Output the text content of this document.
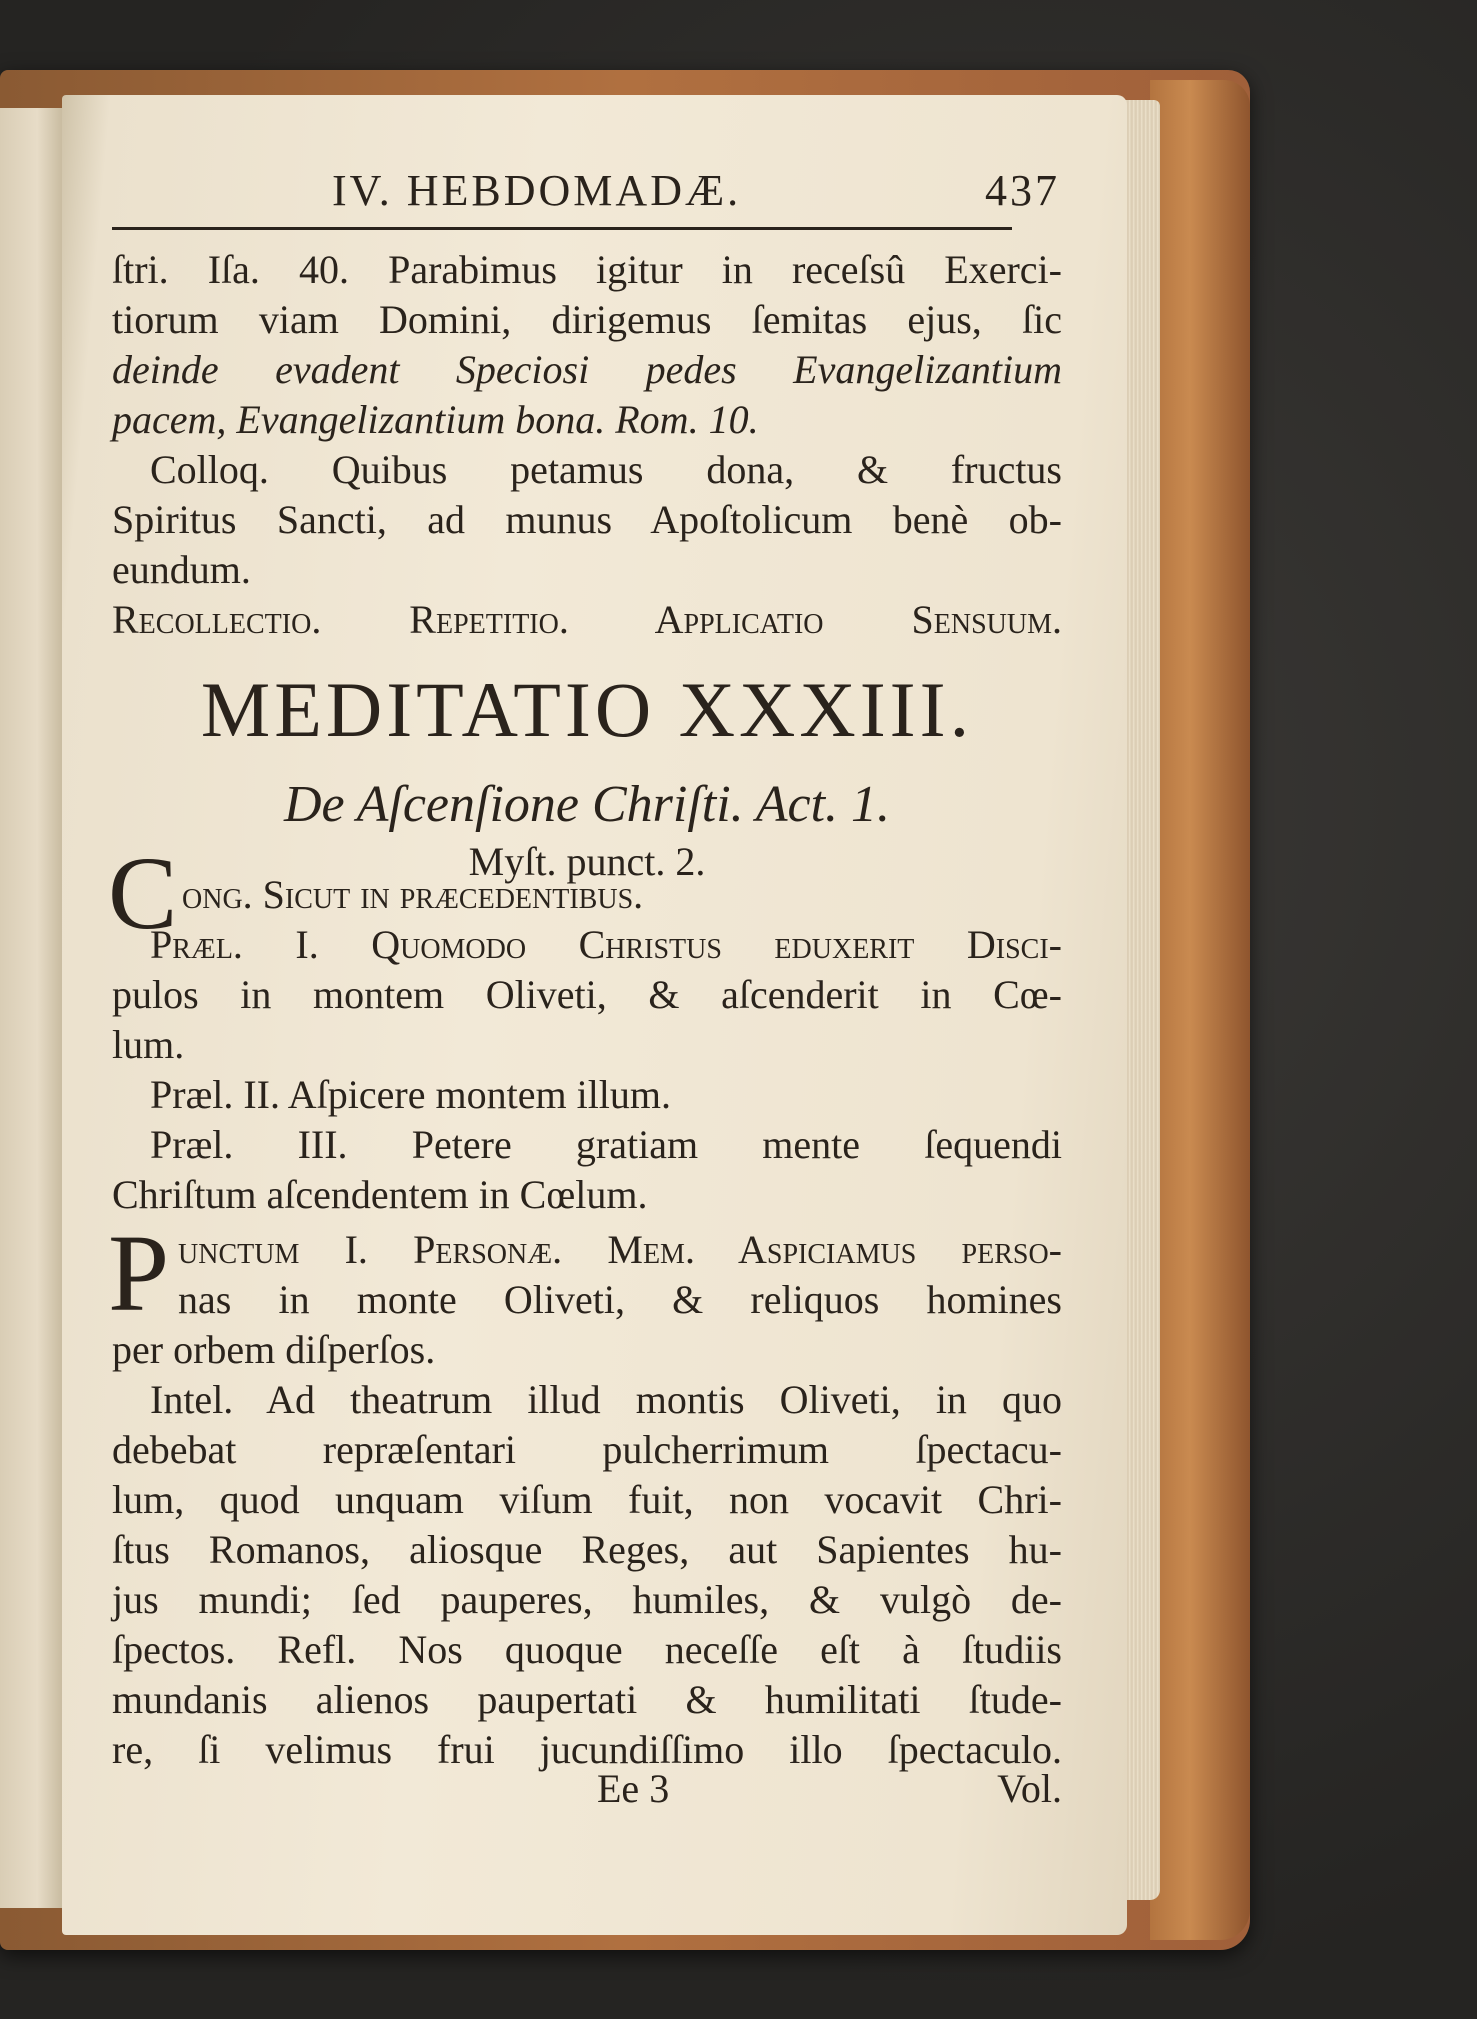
IV. HEBDOMADÆ.	437
ſtri. Iſa. 40. Parabimus igitur in receſsû Exerci-
tiorum viam Domini, dirigemus ſemitas ejus, ſic
deinde evadent Speciosi pedes Evangelizantium
pacem, Evangelizantium bona. Rom. 10.
Colloq. Quibus petamus dona, & fructus
Spiritus Sancti, ad munus Apoſtolicum benè ob-
eundum.
Recollectio. Repetitio. Applicatio Sensuum.
MEDITATIO XXXIII.
De Aſcenſione Chriſti. Act. 1.
Myſt. punct. 2.
C ong. Sicut in præcedentibus.
Præl. I. Quomodo Chriſtus eduxerit Diſci-
pulos in montem Oliveti, & aſcenderit in Cœ-
lum.
Præl. II. Aſpicere montem illum.
Præl. III. Petere gratiam mente ſequendi
Chriſtum aſcendentem in Cœlum.
P unctum I. Personæ. Mem. Aſpiciamus perſo-
nas in monte Oliveti, & reliquos homines
per orbem diſperſos.
Intel. Ad theatrum illud montis Oliveti, in quo
debebat repræſentari pulcherrimum ſpectacu-
lum, quod unquam viſum fuit, non vocavit Chri-
ſtus Romanos, aliosque Reges, aut Sapientes hu-
jus mundi; ſed pauperes, humiles, & vulgò de-
ſpectos. Refl. Nos quoque neceſſe eſt à ſtudiis
mundanis alienos paupertati & humilitati ſtude-
re, ſi velimus frui jucundiſſimo illo ſpectaculo.
Ee 3	Vol.
